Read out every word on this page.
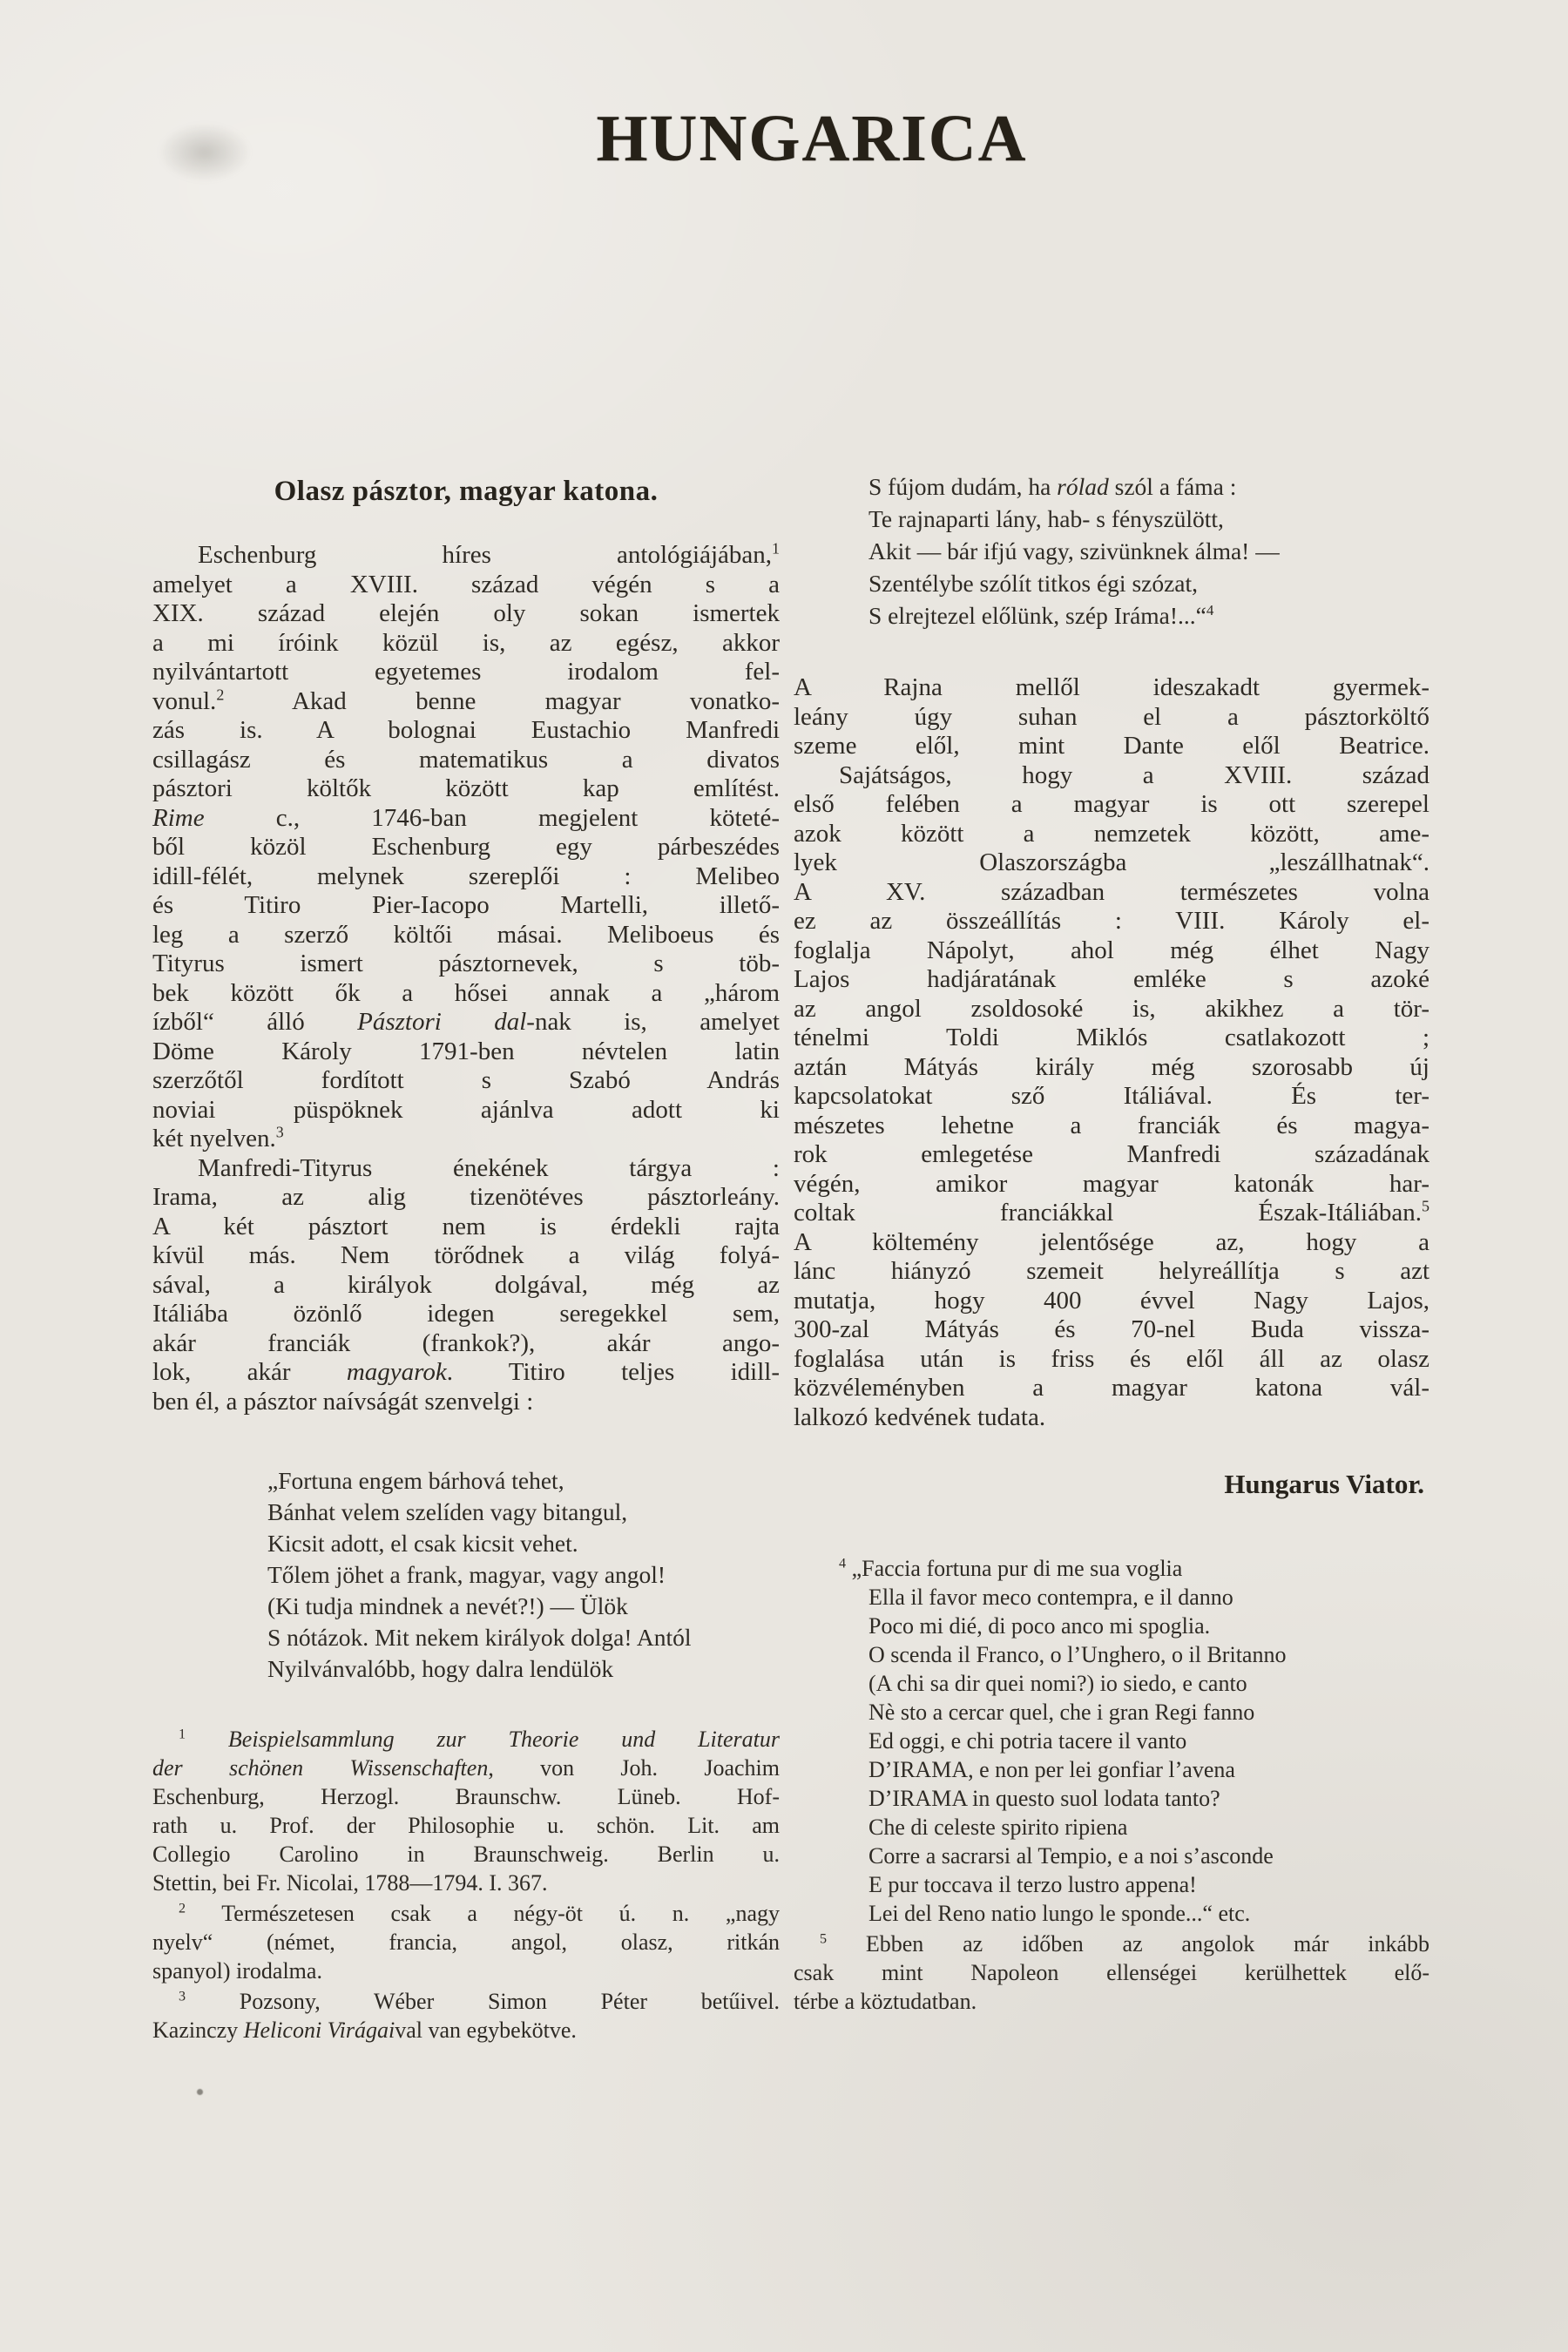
HUNGARICA
Olasz pásztor, magyar katona.
Eschenburg híres antológiájában,$^1$
amelyet a XVIII. század végén s a
XIX. század elején oly sokan ismertek
a mi íróink közül is, az egész, akkor
nyilvántartott egyetemes irodalom fel-
vonul.$^2$ Akad benne magyar vonatko-
zás is. A bolognai Eustachio Manfredi
csillagász és matematikus a divatos
pásztori költők között kap említést.
Rime c., 1746-ban megjelent köteté-
ből közöl Eschenburg egy párbeszédes
idill-félét, melynek szereplői : Melibeo
és Titiro Pier-Iacopo Martelli, illető-
leg a szerző költői másai. Meliboeus és
Tityrus ismert pásztornevek, s töb-
bek között ők a hősei annak a „három
ízből“ álló Pásztori dal-nak is, amelyet
Döme Károly 1791-ben névtelen latin
szerzőtől fordított s Szabó András
noviai püspöknek ajánlva adott ki
két nyelven.$^3$
Manfredi-Tityrus énekének tárgya :
Irama, az alig tizenötéves pásztorleány.
A két pásztort nem is érdekli rajta
kívül más. Nem törődnek a világ folyá-
sával, a királyok dolgával, még az
Itáliába özönlő idegen seregekkel sem,
akár franciák (frankok?), akár ango-
lok, akár magyarok. Titiro teljes idill-
ben él, a pásztor naívságát szenvelgi :
„Fortuna engem bárhová tehet,
Bánhat velem szelíden vagy bitangul,
Kicsit adott, el csak kicsit vehet.
Tőlem jöhet a frank, magyar, vagy angol!
(Ki tudja mindnek a nevét?!) — Ülök
S nótázok. Mit nekem királyok dolga! Antól
Nyilvánvalóbb, hogy dalra lendülök
$^1$ Beispielsammlung zur Theorie und Literatur
der schönen Wissenschaften, von Joh. Joachim
Eschenburg, Herzogl. Braunschw. Lüneb. Hof-
rath u. Prof. der Philosophie u. schön. Lit. am
Collegio Carolino in Braunschweig. Berlin u.
Stettin, bei Fr. Nicolai, 1788—1794. I. 367.
$^2$ Természetesen csak a négy-öt ú. n. „nagy
nyelv“ (német, francia, angol, olasz, ritkán
spanyol) irodalma.
$^3$ Pozsony, Wéber Simon Péter betűivel.
Kazinczy Heliconi Virágaival van egybekötve.
S fújom dudám, ha rólad szól a fáma :
Te rajnaparti lány, hab- s fényszülött,
Akit — bár ifjú vagy, szivünknek álma! —
Szentélybe szólít titkos égi szózat,
S elrejtezel előlünk, szép Iráma!...“$^4$
A Rajna mellől ideszakadt gyermek-
leány úgy suhan el a pásztorköltő
szeme elől, mint Dante elől Beatrice.
Sajátságos, hogy a XVIII. század
első felében a magyar is ott szerepel
azok között a nemzetek között, ame-
lyek Olaszországba „leszállhatnak“.
A XV. században természetes volna
ez az összeállítás : VIII. Károly el-
foglalja Nápolyt, ahol még élhet Nagy
Lajos hadjáratának emléke s azoké
az angol zsoldosoké is, akikhez a tör-
ténelmi Toldi Miklós csatlakozott ;
aztán Mátyás király még szorosabb új
kapcsolatokat sző Itáliával. És ter-
mészetes lehetne a franciák és magya-
rok emlegetése Manfredi századának
végén, amikor magyar katonák har-
coltak franciákkal Észak-Itáliában.$^5$
A költemény jelentősége az, hogy a
lánc hiányzó szemeit helyreállítja s azt
mutatja, hogy 400 évvel Nagy Lajos,
300-zal Mátyás és 70-nel Buda vissza-
foglalása után is friss és elől áll az olasz
közvéleményben a magyar katona vál-
lalkozó kedvének tudata.
Hungarus Viator.
$^4$ „Faccia fortuna pur di me sua voglia
Ella il favor meco contempra, e il danno
Poco mi dié, di poco anco mi spoglia.
O scenda il Franco, o l’Unghero, o il Britanno
(A chi sa dir quei nomi?) io siedo, e canto
Nè sto a cercar quel, che i gran Regi fanno
Ed oggi, e chi potria tacere il vanto
D’IRAMA, e non per lei gonfiar l’avena
D’IRAMA in questo suol lodata tanto?
Che di celeste spirito ripiena
Corre a sacrarsi al Tempio, e a noi s’asconde
E pur toccava il terzo lustro appena!
Lei del Reno natio lungo le sponde...“ etc.
$^5$ Ebben az időben az angolok már inkább
csak mint Napoleon ellenségei kerülhettek elő-
térbe a köztudatban.
